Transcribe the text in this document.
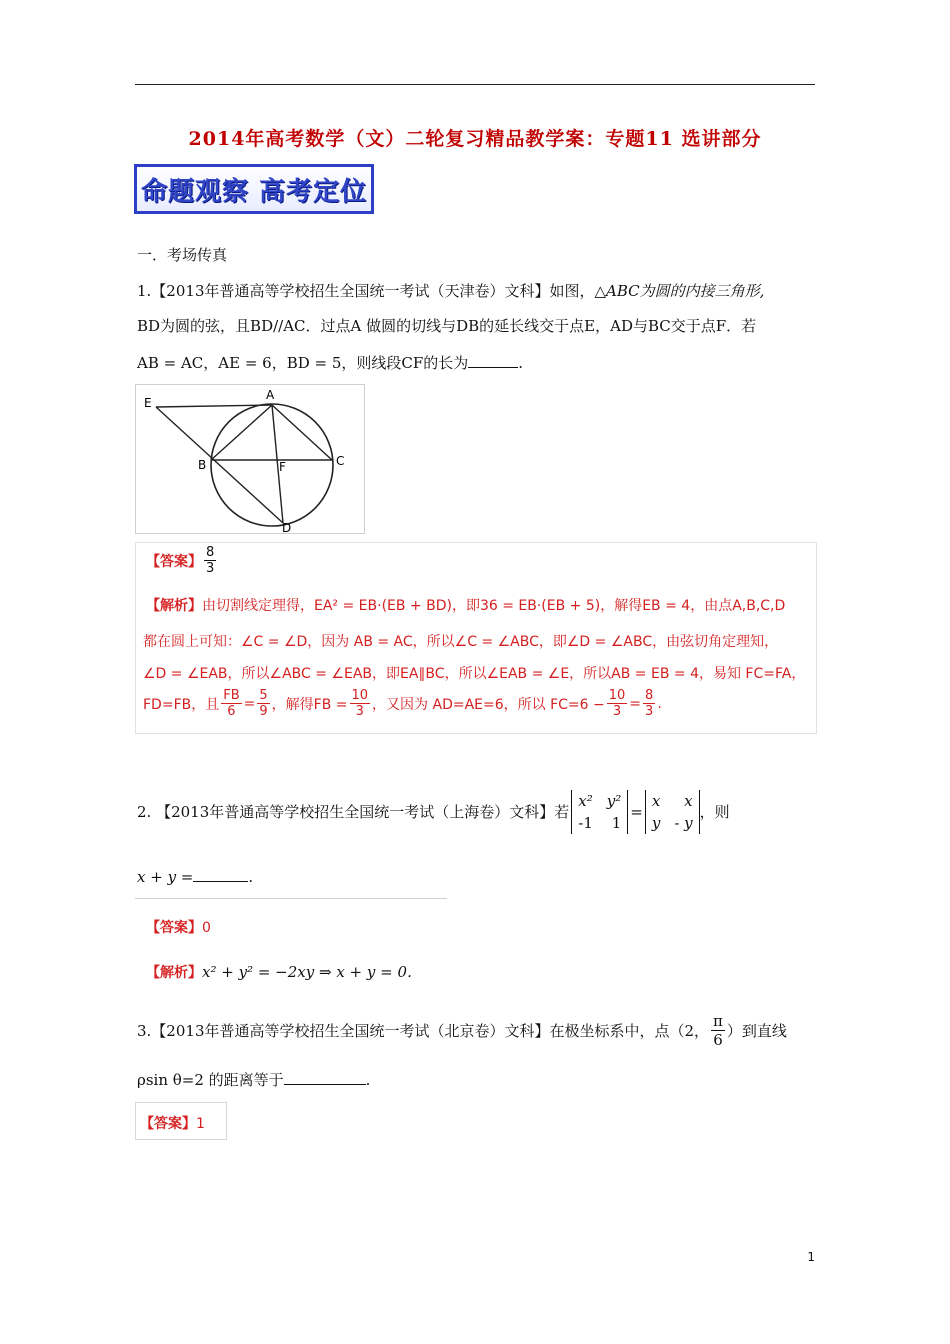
2014年高考数学（文）二轮复习精品教学案：专题11 选讲部分
命题观察 高考定位
一．考场传真
1.【2013年普通高等学校招生全国统一考试（天津卷）文科】如图，△ABC为圆的内接三角形,
BD为圆的弦，且BD//AC．过点A 做圆的切线与DB的延长线交于点E，AD与BC交于点F．若
AB = AC，AE = 6，BD = 5，则线段CF的长为	.
E
A
B	F	C
D
【答案】 $\frac{8}{3}$
【解析】由切割线定理得，EA² = EB·(EB + BD)，即36 = EB·(EB + 5)，解得EB = 4，由点A,B,C,D
都在圆上可知：∠C = ∠D，因为 AB = AC，所以∠C = ∠ABC，即∠D = ∠ABC，由弦切角定理知，
∠D = ∠EAB，所以∠ABC = ∠EAB，即EA∥BC，所以∠EAB = ∠E，所以AB = EB = 4，易知 FC=FA，
FD=FB，且 $\frac{FB}{6} = \frac{5}{9}$ ，解得FB = $\frac{10}{3}$ ，又因为 AD=AE=6，所以 $FC=6 - \frac{10}{3} = \frac{8}{3}$ .
2. 【2013年普通高等学校招生全国统一考试（上海卷）文科】若
x² y²
-1 1
=
x x
y - y
，则
x + y =	.
【答案】0
【解析】x² + y² = −2xy ⇒ x + y = 0．
3.【2013年普通高等学校招生全国统一考试（北京卷）文科】在极坐标系中，点（2， $\frac{\pi}{6}$ ）到直线
ρsin θ=2 的距离等于	.
【答案】1
1
